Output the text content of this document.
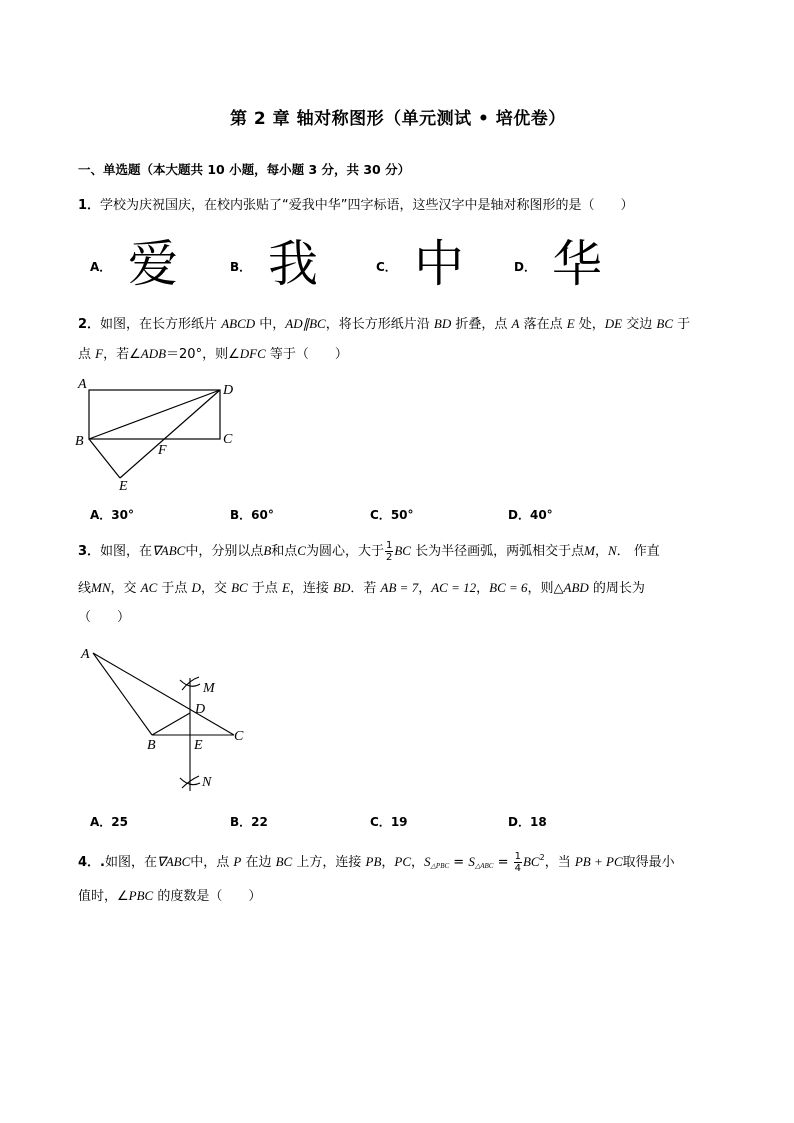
第 2 章 轴对称图形（单元测试 • 培优卷）
一、单选题（本大题共 10 小题，每小题 3 分，共 30 分）
1．学校为庆祝国庆，在校内张贴了“爱我中华”四字标语，这些汉字中是轴对称图形的是（　　）
A． 爱	B． 我	C． 中	D． 华
2．如图，在长方形纸片 ABCD 中，AD∥BC，将长方形纸片沿 BD 折叠，点 A 落在点 E 处，DE 交边 BC 于
点 F，若∠ADB＝20°，则∠DFC 等于（　　）
A	D
B	C
F
E
A．30°	B．60°	C．50°	D．40°
3．如图，在∇ABC中，分别以点B和点C为圆心，大于 $\frac{1}{2}$ BC 长为半径画弧，两弧相交于点M，N． 作直
线MN，交 AC 于点 D，交 BC 于点 E，连接 BD．若 AB = 7，AC = 12，BC = 6，则△ABD 的周长为
（　　）
A
M
D
B	E
C
N
A．25	B．22	C．19	D．18
4．.如图，在∇ABC中，点 P 在边 BC 上方，连接 PB，PC，$S_{\triangle PBC} = S_{\triangle ABC} = \frac{1}{4} BC^2$，当 PB + PC取得最小
值时，∠PBC 的度数是（　　）
